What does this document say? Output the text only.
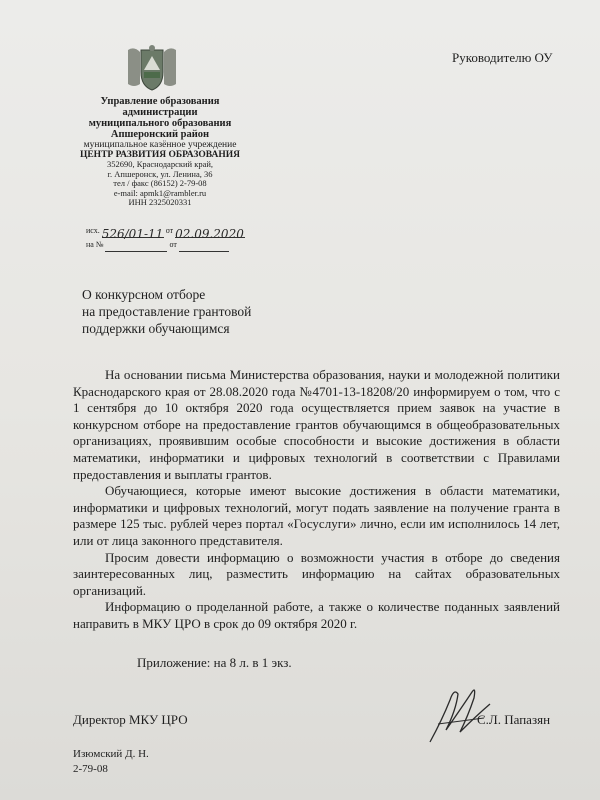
Руководителю ОУ
Управление образования
администрации
муниципального образования
Апшеронский район
муниципальное казённое учреждение
ЦЕНТР РАЗВИТИЯ ОБРАЗОВАНИЯ
352690, Краснодарский край,
г. Апшеронск, ул. Ленина, 36
тел / факс (86152) 2-79-08
e-mail: apmk1@rambler.ru
ИНН 2325020331
исх. 526/01-11 от 02.09.2020
на №	от
О конкурсном отборе
на предоставление грантовой
поддержки обучающимся

На основании письма Министерства образования, науки и молодежной политики Краснодарского края от 28.08.2020 года №4701-13-18208/20 информируем о том, что с 1 сентября до 10 октября 2020 года осуществляется прием заявок на участие в конкурсном отборе на предоставление грантов обучающимся в общеобразовательных организациях, проявившим особые способности и высокие достижения в области математики, информатики и цифровых технологий в соответствии с Правилами предоставления и выплаты грантов.

Обучающиеся, которые имеют высокие достижения в области математики, информатики и цифровых технологий, могут подать заявление на получение гранта в размере 125 тыс. рублей через портал «Госуслуги» лично, если им исполнилось 14 лет, или от лица законного представителя.

Просим довести информацию о возможности участия в отборе до сведения заинтересованных лиц, разместить информацию на сайтах образовательных организаций.

Информацию о проделанной работе, а также о количестве поданных заявлений направить в МКУ ЦРО в срок до 09 октября 2020 г.

Приложение: на 8 л. в 1 экз.
Директор МКУ ЦРО	С.Л. Папазян
Изюмский Д. Н.
2-79-08
